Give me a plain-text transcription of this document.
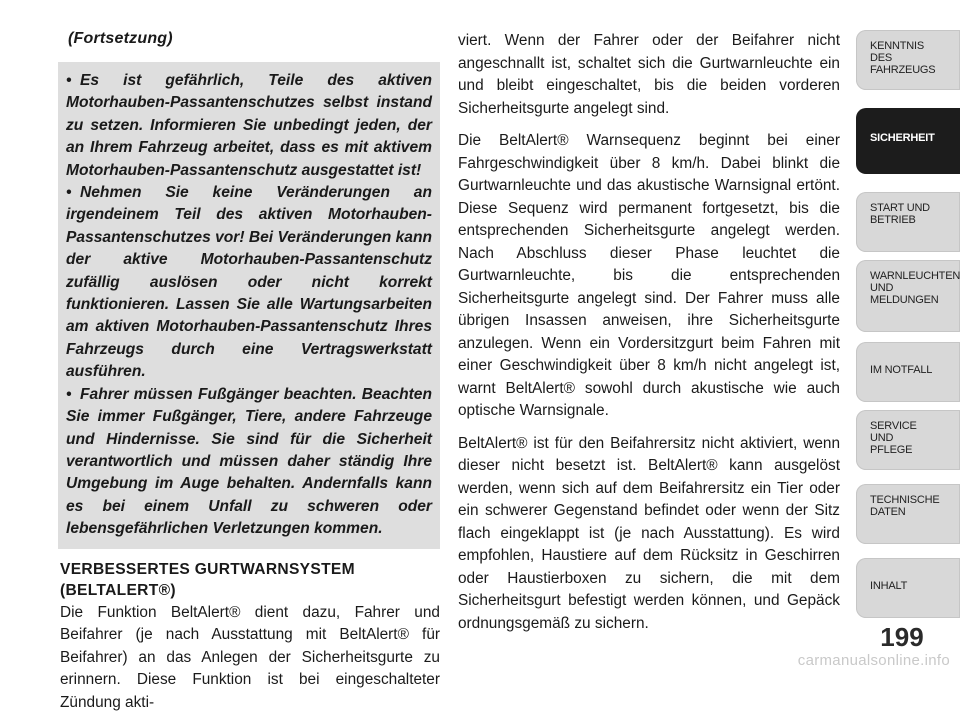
(Fortsetzung)

• Es ist gefährlich, Teile des aktiven Motorhauben-Passantenschutzes selbst instand zu setzen. Informieren Sie unbedingt jeden, der an Ihrem Fahrzeug arbeitet, dass es mit aktivem Motorhauben-Passantenschutz ausgestattet ist!

• Nehmen Sie keine Veränderungen an irgendeinem Teil des aktiven Motorhauben-Passantenschutzes vor! Bei Veränderungen kann der aktive Motorhauben-Passantenschutz zufällig auslösen oder nicht korrekt funktionieren. Lassen Sie alle Wartungsarbeiten am aktiven Motorhauben-Passantenschutz Ihres Fahrzeugs durch eine Vertragswerkstatt ausführen.

• Fahrer müssen Fußgänger beachten. Beachten Sie immer Fußgänger, Tiere, andere Fahrzeuge und Hindernisse. Sie sind für die Sicherheit verantwortlich und müssen daher ständig Ihre Umgebung im Auge behalten. Andernfalls kann es bei einem Unfall zu schweren oder lebensgefährlichen Verletzungen kommen.

VERBESSERTES GURTWARNSYSTEM (BELTALERT®)

Die Funktion BeltAlert® dient dazu, Fahrer und Beifahrer (je nach Ausstattung mit BeltAlert® für Beifahrer) an das Anlegen der Sicherheitsgurte zu erinnern. Diese Funktion ist bei eingeschalteter Zündung akti-

viert. Wenn der Fahrer oder der Beifahrer nicht angeschnallt ist, schaltet sich die Gurtwarnleuchte ein und bleibt eingeschaltet, bis die beiden vorderen Sicherheitsgurte angelegt sind.

Die BeltAlert® Warnsequenz beginnt bei einer Fahrgeschwindigkeit über 8 km/h. Dabei blinkt die Gurtwarnleuchte und das akustische Warnsignal ertönt. Diese Sequenz wird permanent fortgesetzt, bis die entsprechenden Sicherheitsgurte angelegt werden. Nach Abschluss dieser Phase leuchtet die Gurtwarnleuchte, bis die entsprechenden Sicherheitsgurte angelegt sind. Der Fahrer muss alle übrigen Insassen anweisen, ihre Sicherheitsgurte anzulegen. Wenn ein Vordersitzgurt beim Fahren mit einer Geschwindigkeit über 8 km/h nicht angelegt ist, warnt BeltAlert® sowohl durch akustische wie auch optische Warnsignale.

BeltAlert® ist für den Beifahrersitz nicht aktiviert, wenn dieser nicht besetzt ist. BeltAlert® kann ausgelöst werden, wenn sich auf dem Beifahrersitz ein Tier oder ein schwerer Gegenstand befindet oder wenn der Sitz flach eingeklappt ist (je nach Ausstattung). Es wird empfohlen, Haustiere auf dem Rücksitz in Geschirren oder Haustierboxen zu sichern, die mit dem Sicherheitsgurt befestigt werden können, und Gepäck ordnungsgemäß zu sichern.

KENNTNIS
DES
FAHRZEUGS
SICHERHEIT
START UND
BETRIEB
WARNLEUCHTEN
UND
MELDUNGEN
IM NOTFALL
SERVICE
UND
PFLEGE
TECHNISCHE
DATEN
INHALT
199
carmanualsonline.info
